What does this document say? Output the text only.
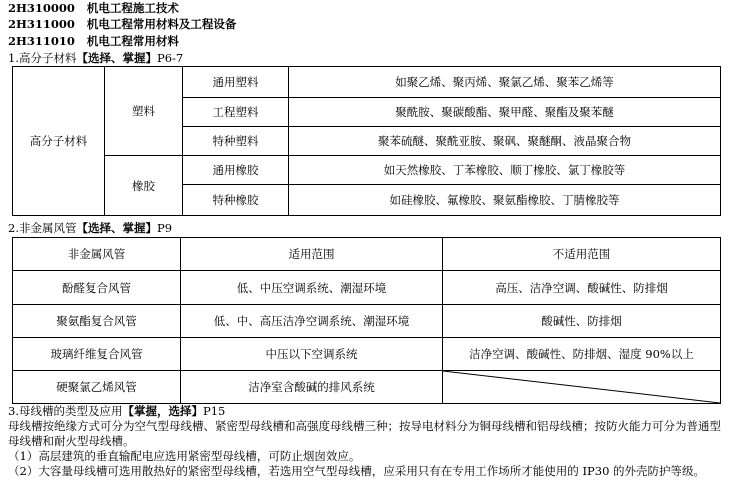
2H310000 机电工程施工技术
2H311000 机电工程常用材料及工程设备
2H311010 机电工程常用材料
1.高分子材料【选择、掌握】P6-7
高分子材料	塑料	通用塑料	如聚乙烯、聚丙烯、聚氯乙烯、聚苯乙烯等
		工程塑料	聚酰胺、聚碳酸酯、聚甲醛、聚酯及聚苯醚
		特种塑料	聚苯硫醚、聚酰亚胺、聚砜、聚醚酮、液晶聚合物
	橡胶	通用橡胶	如天然橡胶、丁苯橡胶、顺丁橡胶、氯丁橡胶等
		特种橡胶	如硅橡胶、氟橡胶、聚氨酯橡胶、丁腈橡胶等
2.非金属风管【选择、掌握】P9
非金属风管	适用范围	不适用范围
酚醛复合风管	低、中压空调系统、潮湿环境	高压、洁净空调、酸碱性、防排烟
聚氨酯复合风管	低、中、高压洁净空调系统、潮湿环境	酸碱性、防排烟
玻璃纤维复合风管	中压以下空调系统	洁净空调、酸碱性、防排烟、湿度 90%以上
硬聚氯乙烯风管	洁净室含酸碱的排风系统	
3.母线槽的类型及应用【掌握，选择】P15

母线槽按绝缘方式可分为空气型母线槽、紧密型母线槽和高强度母线槽三种；按导电材料分为铜母线槽和铝母线槽；按防火能力可分为普通型母线槽和耐火型母线槽。

（1）高层建筑的垂直输配电应选用紧密型母线槽，可防止烟囱效应。

（2）大容量母线槽可选用散热好的紧密型母线槽，若选用空气型母线槽，应采用只有在专用工作场所才能使用的 IP30 的外壳防护等级。
